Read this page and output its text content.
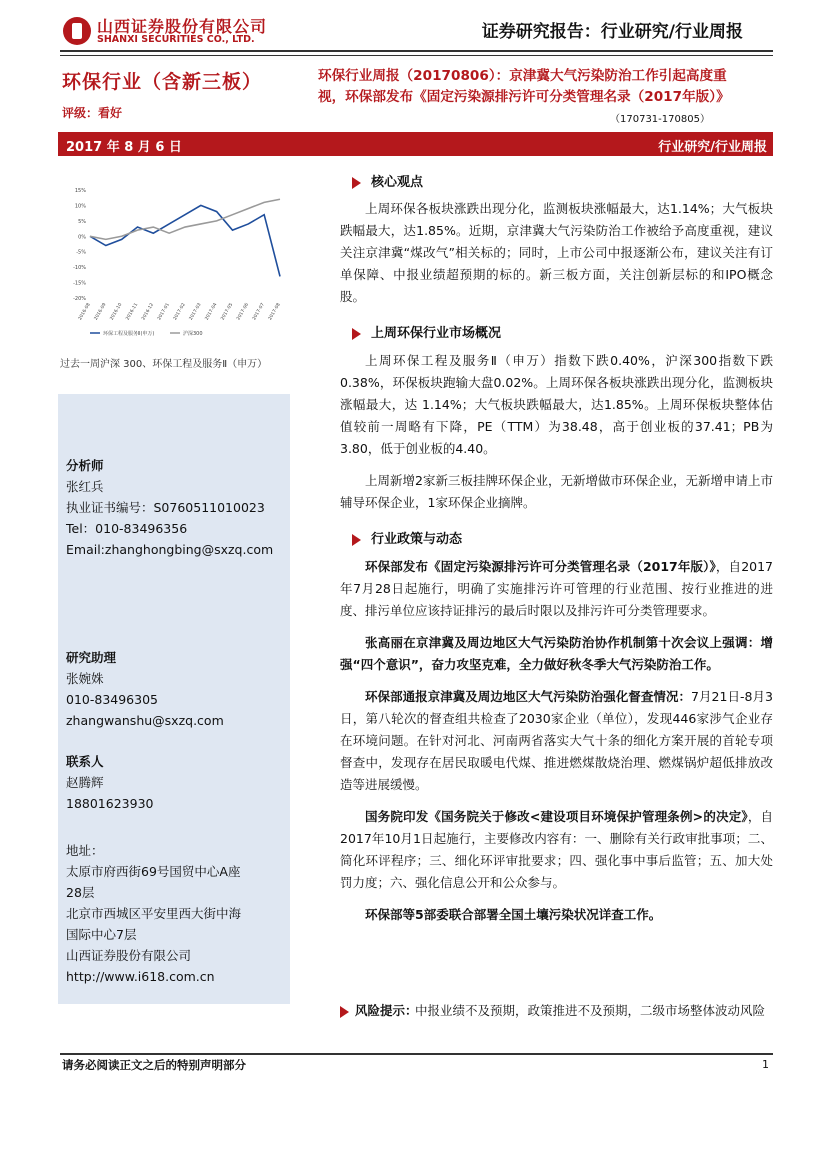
山西证券股份有限公司
SHANXI SECURITIES CO., LTD.	证券研究报告：行业研究/行业周报
环保行业（含新三板）
评级：看好
环保行业周报（20170806）：京津冀大气污染防治工作引起高度重视，环保部发布《固定污染源排污许可分类管理名录（2017年版）》
（170731-170805）
2017 年 8 月 6 日	行业研究/行业周报
15%
10%
5%
0%
-5%
-10%
-15%
-20%
2016-08 2016-09 2016-10 2016-11 2016-12 2017-01 2017-02 2017-03 2017-04 2017-05 2017-06 2017-07 2017-08
环保工程及服务Ⅱ(申万)	沪深300
过去一周沪深 300、环保工程及服务Ⅱ（申万）
分析师
张红兵
执业证书编号：S0760511010023
Tel：010-83496356
Email:zhanghongbing@sxzq.com
研究助理
张婉姝
010-83496305
zhangwanshu@sxzq.com
联系人
赵腾辉
18801623930
地址：
太原市府西街69号国贸中心A座
28层
北京市西城区平安里西大街中海
国际中心7层
山西证券股份有限公司
http://www.i618.com.cn
核心观点

上周环保各板块涨跌出现分化，监测板块涨幅最大，达1.14%；大气板块跌幅最大，达1.85%。近期，京津冀大气污染防治工作被给予高度重视，建议关注京津冀“煤改气”相关标的；同时，上市公司中报逐渐公布，建议关注有订单保障、中报业绩超预期的标的。新三板方面，关注创新层标的和IPO概念股。

上周环保行业市场概况

上周环保工程及服务Ⅱ（申万）指数下跌0.40%，沪深300指数下跌0.38%，环保板块跑输大盘0.02%。上周环保各板块涨跌出现分化，监测板块涨幅最大，达 1.14%；大气板块跌幅最大，达1.85%。上周环保板块整体估值较前一周略有下降，PE（TTM）为38.48，高于创业板的37.41；PB为3.80，低于创业板的4.40。

上周新增2家新三板挂牌环保企业，无新增做市环保企业，无新增申请上市辅导环保企业，1家环保企业摘牌。

行业政策与动态

环保部发布《固定污染源排污许可分类管理名录（2017年版）》，自2017年7月28日起施行，明确了实施排污许可管理的行业范围、按行业推进的进度、排污单位应该持证排污的最后时限以及排污许可分类管理要求。

张高丽在京津冀及周边地区大气污染防治协作机制第十次会议上强调：增强“四个意识”，奋力攻坚克难，全力做好秋冬季大气污染防治工作。

环保部通报京津冀及周边地区大气污染防治强化督查情况：7月21日-8月3日，第八轮次的督查组共检查了2030家企业（单位），发现446家涉气企业存在环境问题。在针对河北、河南两省落实大气十条的细化方案开展的首轮专项督查中，发现存在居民取暖电代煤、推进燃煤散烧治理、燃煤锅炉超低排放改造等进展缓慢。

国务院印发《国务院关于修改<建设项目环境保护管理条例>的决定》，自2017年10月1日起施行，主要修改内容有：一、删除有关行政审批事项；二、简化环评程序；三、细化环评审批要求；四、强化事中事后监管；五、加大处罚力度；六、强化信息公开和公众参与。

环保部等5部委联合部署全国土壤污染状况详查工作。

风险提示：
中报业绩不及预期，政策推进不及预期，二级市场整体波动风险
请务必阅读正文之后的特别声明部分	1
